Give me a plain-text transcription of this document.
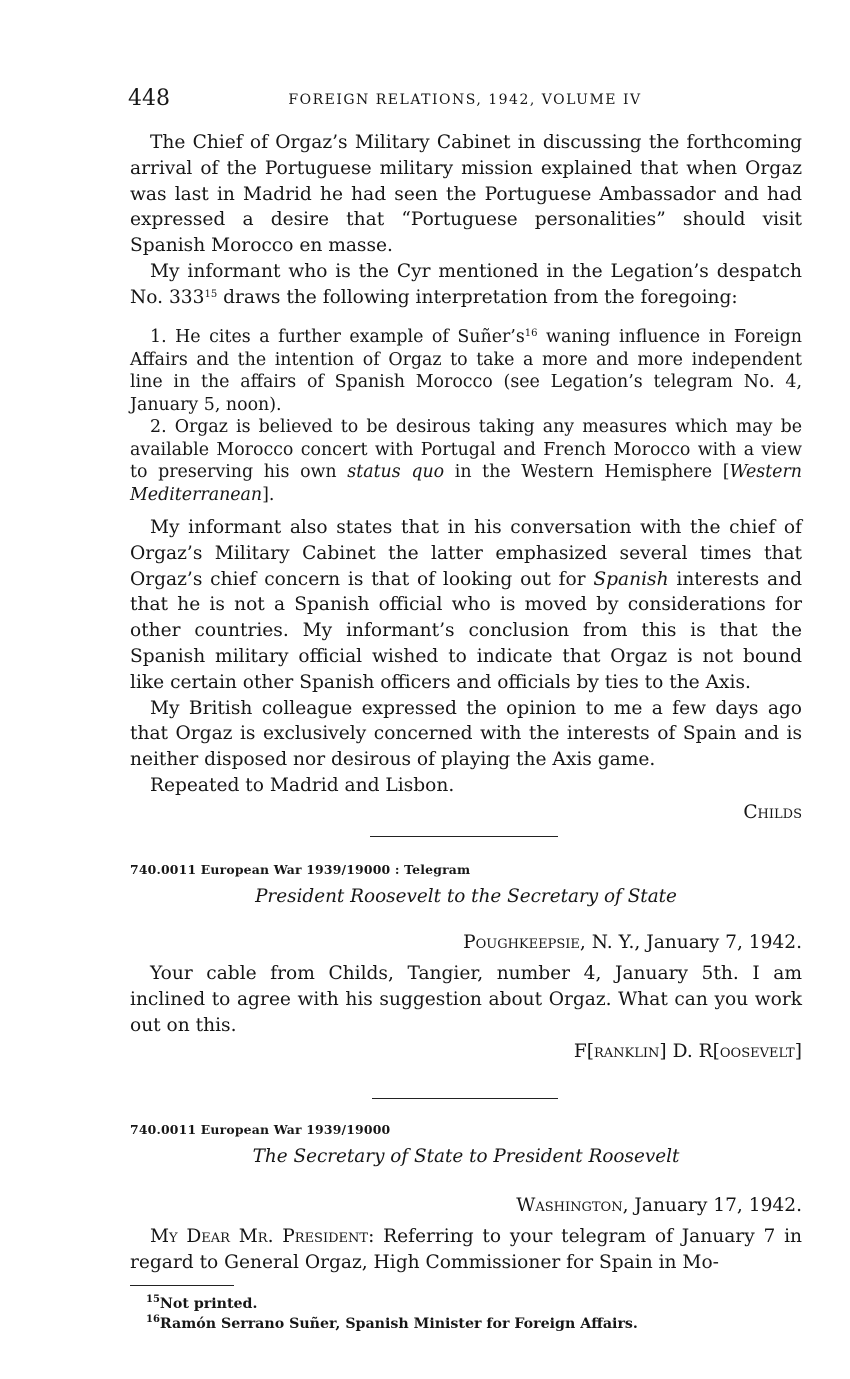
448	FOREIGN RELATIONS, 1942, VOLUME IV

The Chief of Orgaz’s Military Cabinet in discussing the forthcoming arrival of the Portuguese military mission explained that when Orgaz was last in Madrid he had seen the Portuguese Ambassador and had expressed a desire that “Portuguese personalities” should visit Spanish Morocco en masse.

My informant who is the Cyr mentioned in the Legation’s despatch No. $333^{15}$ draws the following interpretation from the foregoing:

1. He cites a further example of $Suñer’s^{16}$ waning influence in Foreign Affairs and the intention of Orgaz to take a more and more independent line in the affairs of Spanish Morocco (see Legation’s telegram No. 4, January 5, noon).

2. Orgaz is believed to be desirous taking any measures which may be available Morocco concert with Portugal and French Morocco with a view to preserving his own status quo in the Western Hemisphere [Western Mediterranean].

My informant also states that in his conversation with the chief of Orgaz’s Military Cabinet the latter emphasized several times that Orgaz’s chief concern is that of looking out for Spanish interests and that he is not a Spanish official who is moved by considerations for other countries. My informant’s conclusion from this is that the Spanish military official wished to indicate that Orgaz is not bound like certain other Spanish officers and officials by ties to the Axis.

My British colleague expressed the opinion to me a few days ago that Orgaz is exclusively concerned with the interests of Spain and is neither disposed nor desirous of playing the Axis game.

Repeated to Madrid and Lisbon.

Childs
740.0011 European War 1939/19000 : Telegram
President Roosevelt to the Secretary of State
Poughkeepsie, N. Y., January 7, 1942.

Your cable from Childs, Tangier, number 4, January 5th. I am inclined to agree with his suggestion about Orgaz. What can you work out on this.

F[ranklin] D. R[oosevelt]
740.0011 European War 1939/19000
The Secretary of State to President Roosevelt
Washington, January 17, 1942.

My Dear Mr. President: Referring to your telegram of January 7 in regard to General Orgaz, High Commissioner for Spain in Mo-

$^{15}$Not printed.
$^{16}$Ramón Serrano Suñer, Spanish Minister for Foreign Affairs.
